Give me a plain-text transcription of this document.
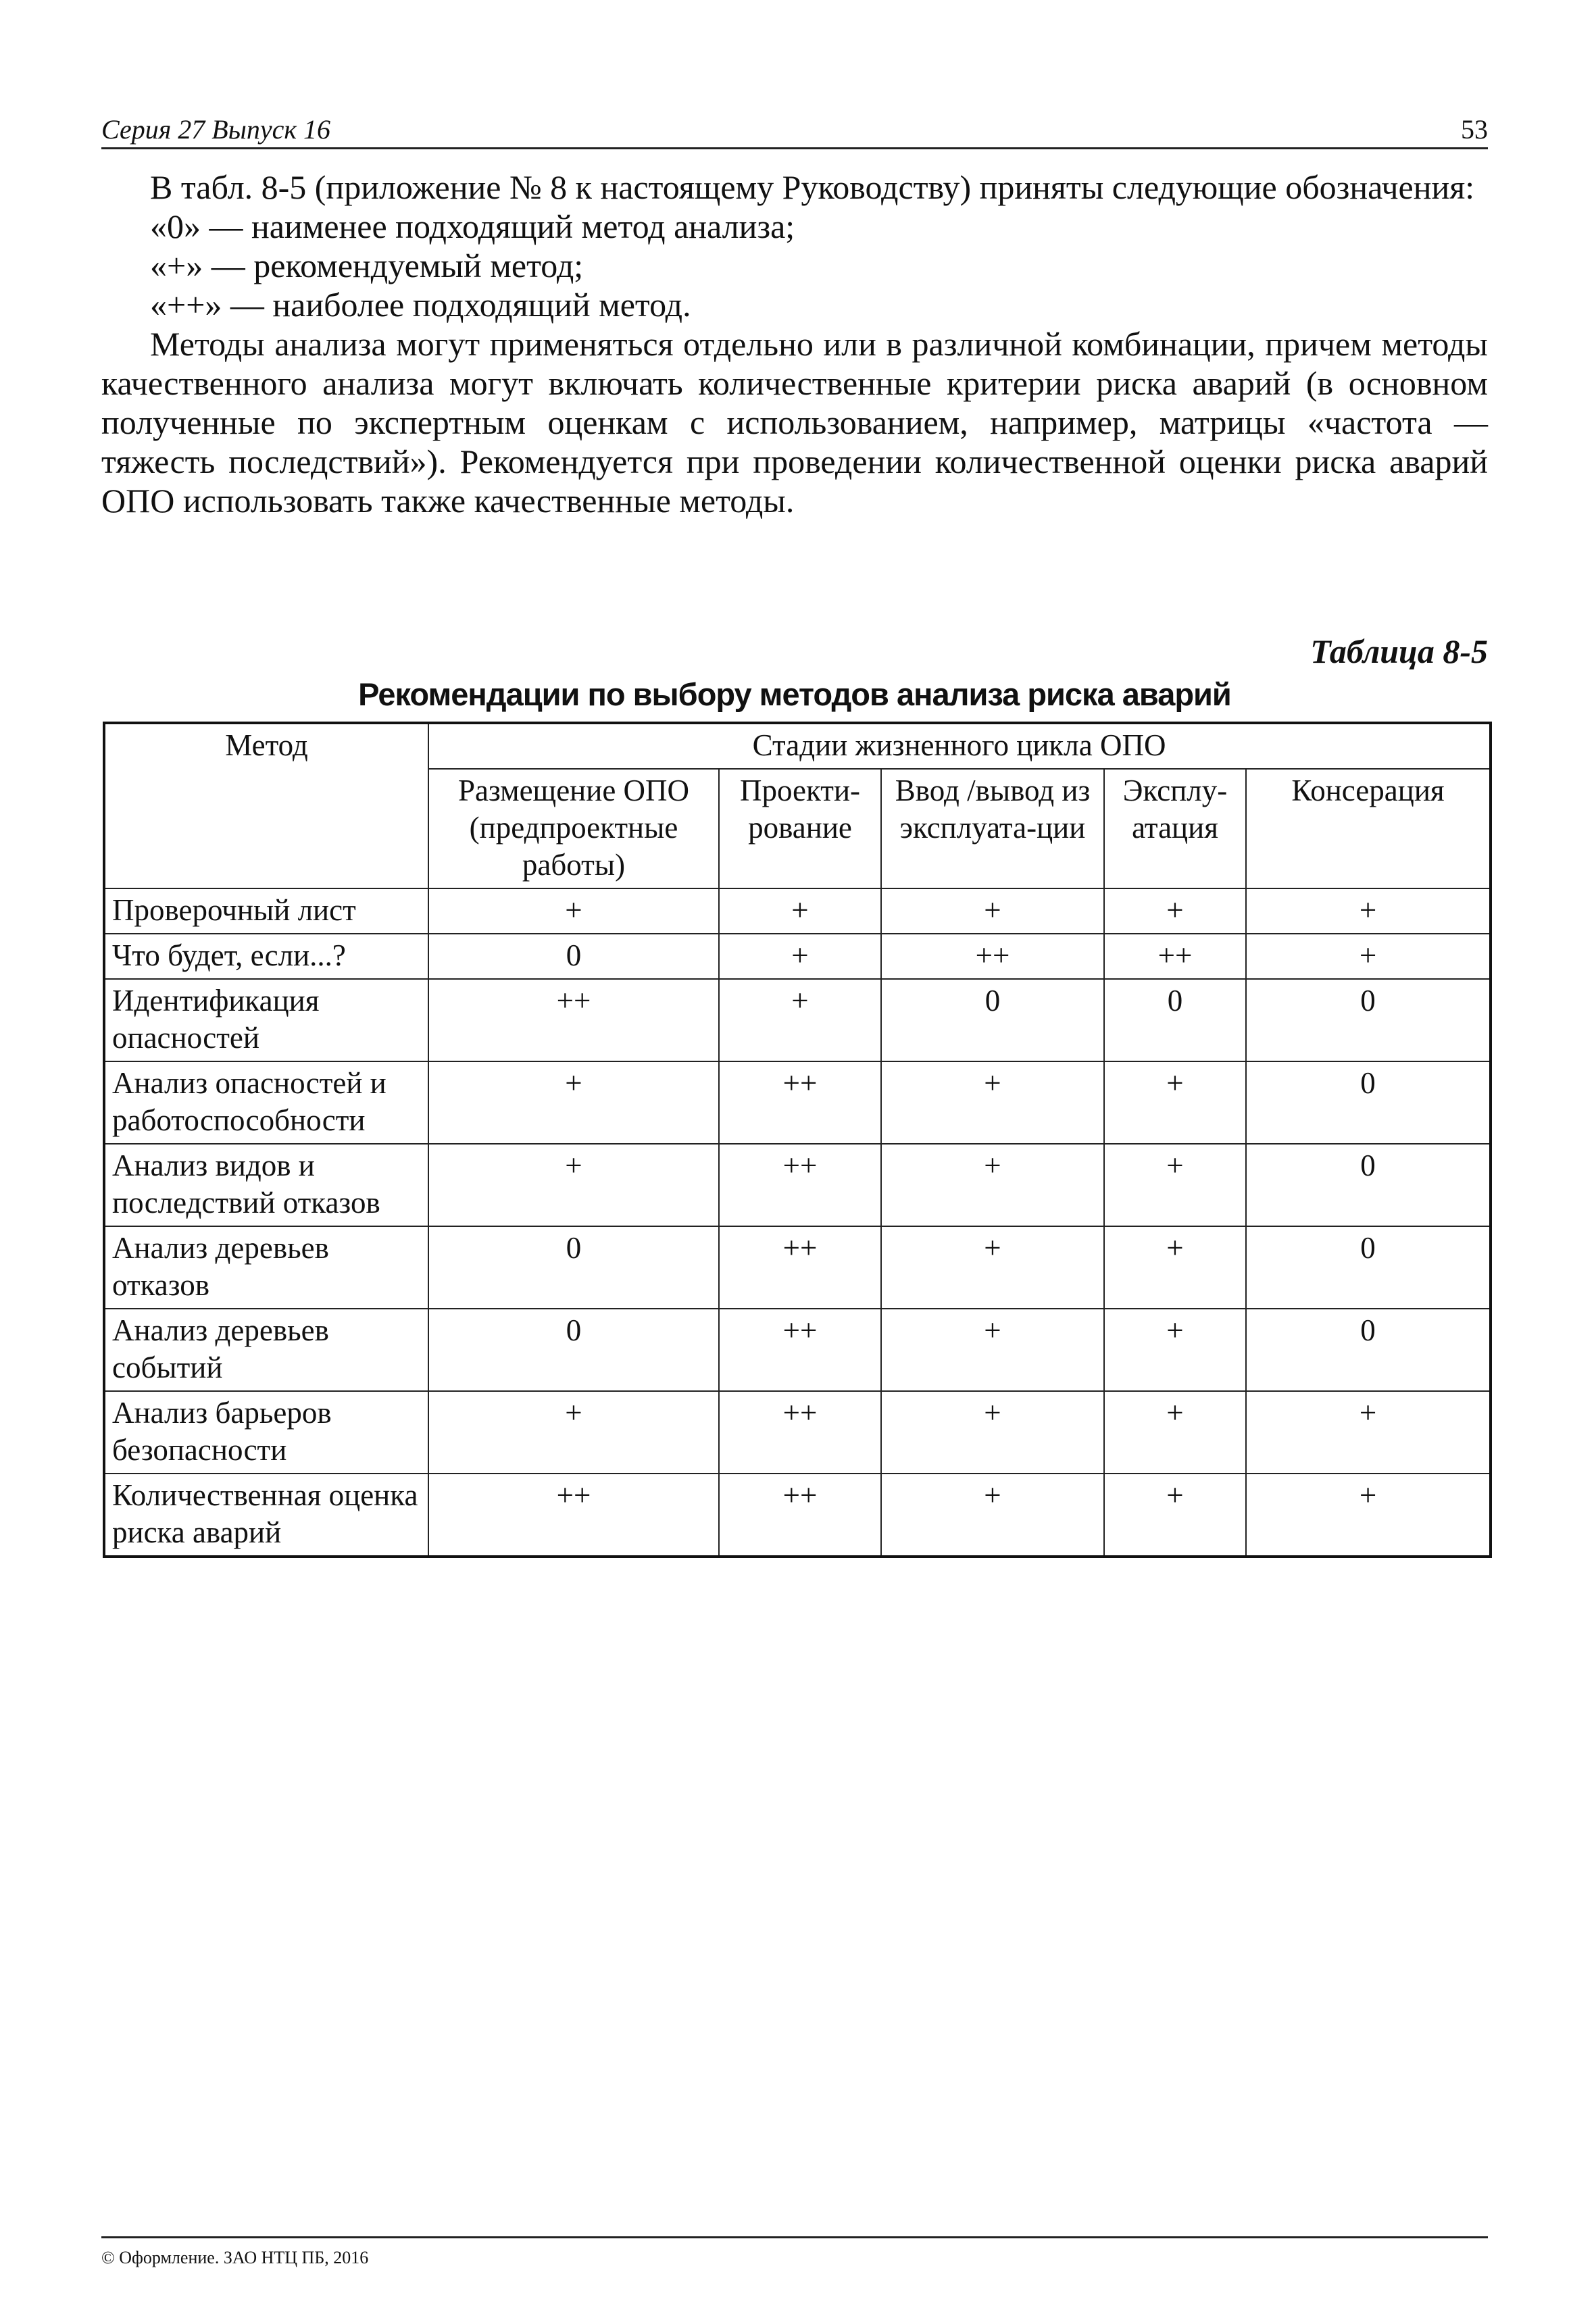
Серия 27 Выпуск 16	53

В табл. 8-5 (приложение № 8 к настоящему Руководству) приняты следующие обозначения:

«0» — наименее подходящий метод анализа;

«+» — рекомендуемый метод;

«++» — наиболее подходящий метод.

Методы анализа могут применяться отдельно или в различной комбинации, причем методы качественного анализа могут включать количественные критерии риска аварий (в основном полученные по экспертным оценкам с использованием, например, матрицы «частота — тяжесть последствий»). Рекомендуется при проведении количественной оценки риска аварий ОПО использовать также качественные методы.

Таблица 8-5
Рекомендации по выбору методов анализа риска аварий
Метод	Стадии жизненного цикла ОПО				
	Размещение ОПО (предпроектные работы)	Проекти-рование	Ввод /вывод из эксплуата-ции	Эксплу-атация	Консерация
Проверочный лист	+	+	+	+	+
Что будет, если...?	0	+	++	++	+
Идентификация опасностей	++	+	0	0	0
Анализ опасностей и работоспособности	+	++	+	+	0
Анализ видов и последствий отказов	+	++	+	+	0
Анализ деревьев отказов	0	++	+	+	0
Анализ деревьев событий	0	++	+	+	0
Анализ барьеров безопасности	+	++	+	+	+
Количественная оценка риска аварий	++	++	+	+	+
© Оформление. ЗАО НТЦ ПБ, 2016
